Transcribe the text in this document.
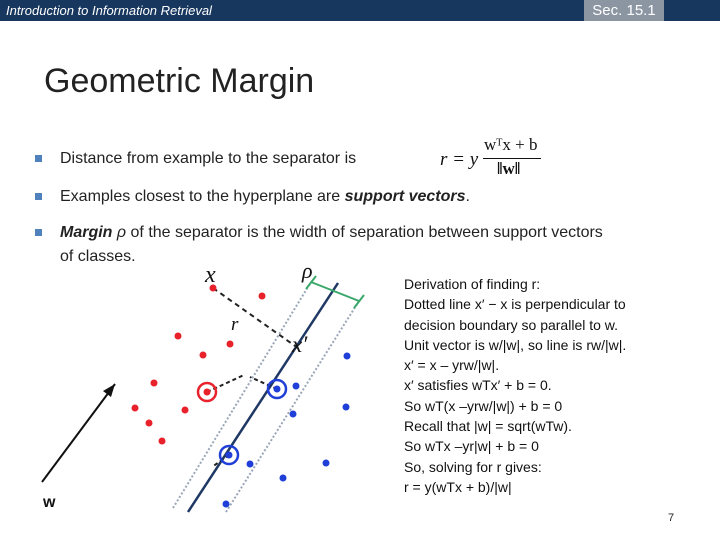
Introduction to Information Retrieval	Sec. 15.1
Geometric Margin
Distance from example to the separator is
Examples closest to the hyperplane are support vectors.
Margin ρ of the separator is the width of separation between support vectors
of classes.
r = y
wᵀx + b
‖w‖
x	ρ
r
x′
w
Derivation of finding r:
Dotted line x′ − x is perpendicular to
decision boundary so parallel to w.
Unit vector is w/|w|, so line is rw/|w|.
x′ = x – yrw/|w|.
x′ satisfies wTx′ + b = 0.
So wT(x –yrw/|w|) + b = 0
Recall that |w| = sqrt(wTw).
So wTx –yr|w| + b = 0
So, solving for r gives:
r = y(wTx + b)/|w|
7
